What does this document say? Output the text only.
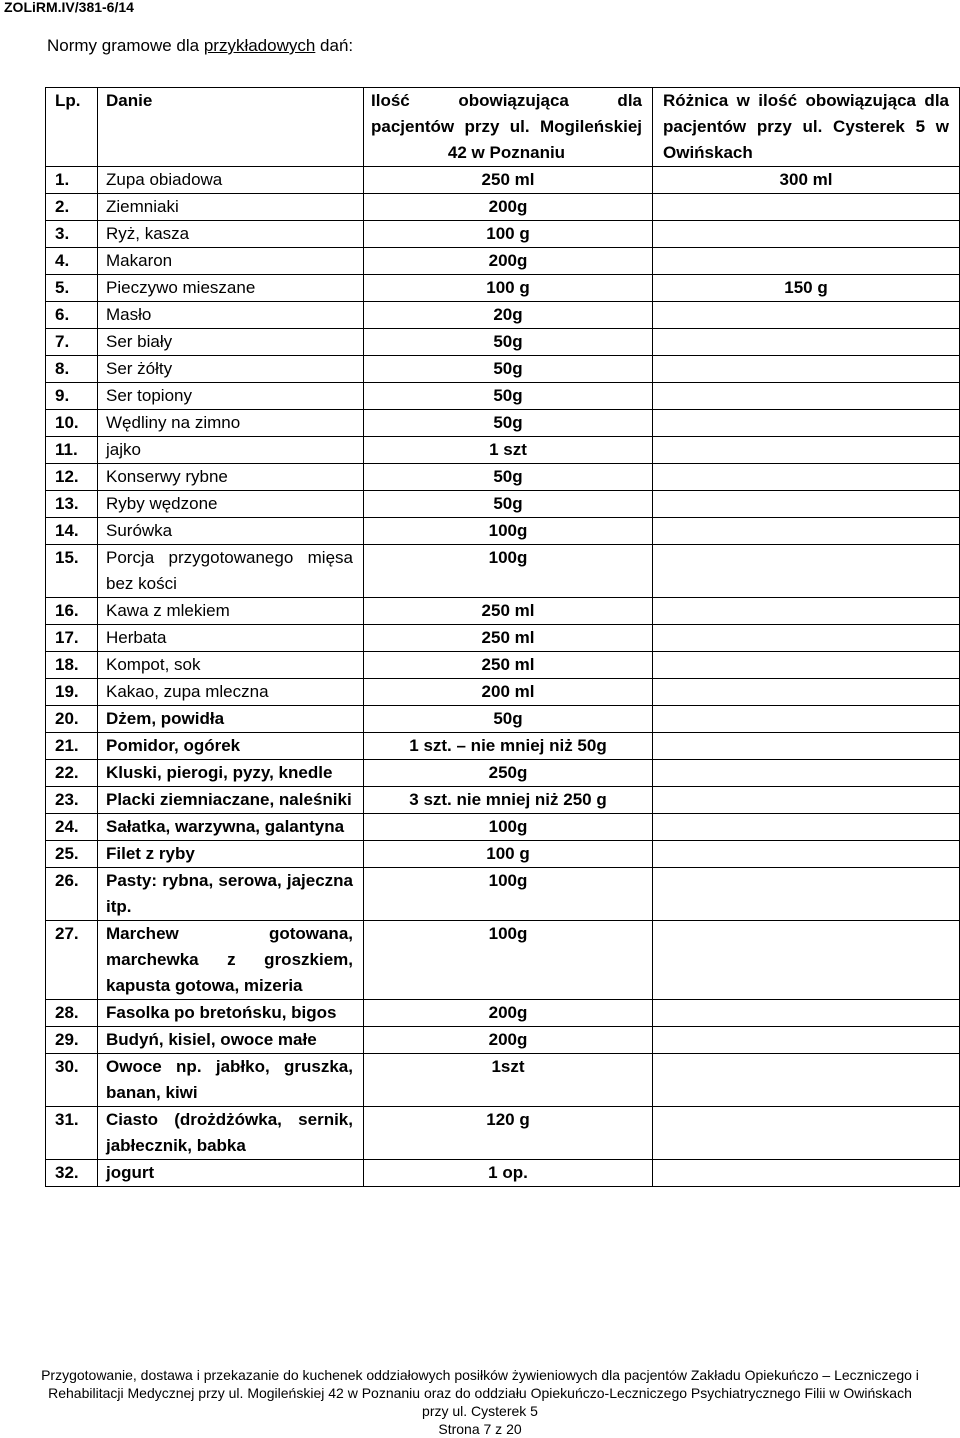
ZOLiRM.IV/381-6/14
Normy gramowe dla przykładowych dań:
Lp.	Danie	Ilość obowiązująca dla pacjentów przy ul. Mogileńskiej 42 w Poznaniu	Różnica w ilość obowiązująca dla pacjentów przy ul. Cysterek 5 w Owińskach
1.	Zupa obiadowa	250 ml	300 ml
2.	Ziemniaki	200g	
3.	Ryż, kasza	100 g	
4.	Makaron	200g	
5.	Pieczywo mieszane	100 g	150 g
6.	Masło	20g	
7.	Ser biały	50g	
8.	Ser żółty	50g	
9.	Ser topiony	50g	
10.	Wędliny na zimno	50g	
11.	jajko	1 szt	
12.	Konserwy rybne	50g	
13.	Ryby wędzone	50g	
14.	Surówka	100g	
15.	Porcja przygotowanego mięsa bez kości	100g	
16.	Kawa z mlekiem	250 ml	
17.	Herbata	250 ml	
18.	Kompot, sok	250 ml	
19.	Kakao, zupa mleczna	200 ml	
20.	Dżem, powidła	50g	
21.	Pomidor, ogórek	1 szt. – nie mniej niż 50g	
22.	Kluski, pierogi, pyzy, knedle	250g	
23.	Placki ziemniaczane, naleśniki	3 szt. nie mniej niż 250 g	
24.	Sałatka, warzywna, galantyna	100g	
25.	Filet z ryby	100 g	
26.	Pasty: rybna, serowa, jajeczna itp.	100g	
27.	Marchew gotowana, marchewka z groszkiem, kapusta gotowa, mizeria	100g	
28.	Fasolka po bretońsku, bigos	200g	
29.	Budyń, kisiel, owoce małe	200g	
30.	Owoce np. jabłko, gruszka, banan, kiwi	1szt	
31.	Ciasto (drożdżówka, sernik, jabłecznik, babka	120 g	
32.	jogurt	1 op.	
Przygotowanie, dostawa i przekazanie do kuchenek oddziałowych posiłków żywieniowych dla pacjentów Zakładu Opiekuńczo – Leczniczego i
Rehabilitacji Medycznej przy ul. Mogileńskiej 42 w Poznaniu oraz do oddziału Opiekuńczo-Leczniczego Psychiatrycznego Filii w Owińskach
przy ul. Cysterek 5
Strona 7 z 20
